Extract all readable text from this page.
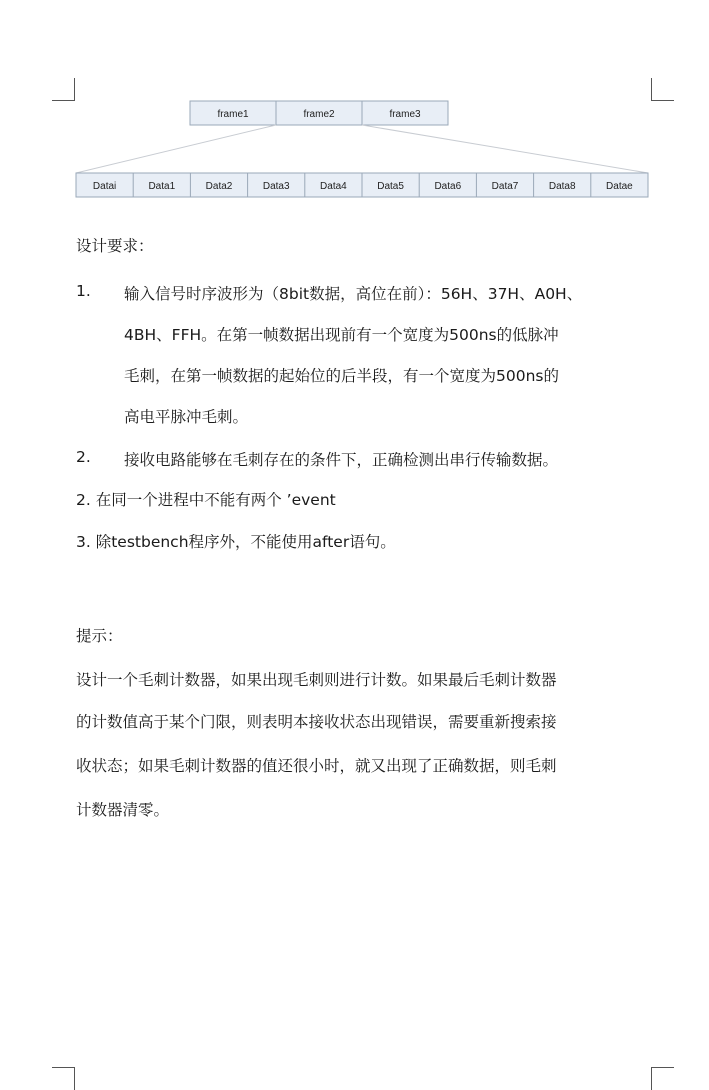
frame1	frame2	frame3
Datai	Data1	Data2	Data3	Data4	Data5	Data6	Data7	Data8	Datae
设计要求：
1. 输入信号时序波形为（8bit数据，高位在前）：56H、37H、A0H、
4BH、FFH。在第一帧数据出现前有一个宽度为500ns的低脉冲
毛刺，在第一帧数据的起始位的后半段，有一个宽度为500ns的
高电平脉冲毛刺。
2. 接收电路能够在毛刺存在的条件下，正确检测出串行传输数据。
2. 在同一个进程中不能有两个 ’event
3. 除testbench程序外，不能使用after语句。
提示：
设计一个毛刺计数器，如果出现毛刺则进行计数。如果最后毛刺计数器
的计数值高于某个门限，则表明本接收状态出现错误，需要重新搜索接
收状态；如果毛刺计数器的值还很小时，就又出现了正确数据，则毛刺
计数器清零。
